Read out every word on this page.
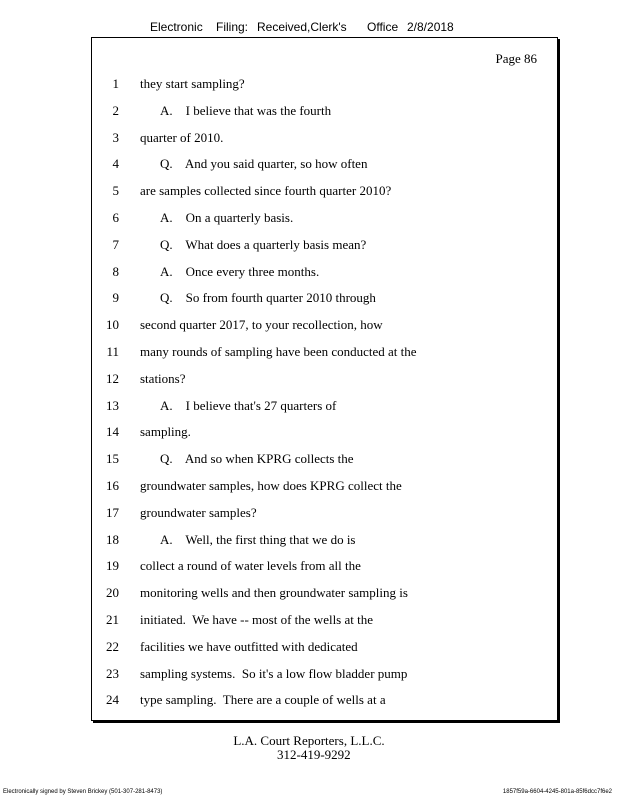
Electronic Filing: Received,Clerk's Office 2/8/2018
Page 86
1 they start sampling?
2	A.    I believe that was the fourth
3 quarter of 2010.
4	Q.    And you said quarter, so how often
5 are samples collected since fourth quarter 2010?
6	A.    On a quarterly basis.
7	Q.    What does a quarterly basis mean?
8	A.    Once every three months.
9	Q.    So from fourth quarter 2010 through
10 second quarter 2017, to your recollection, how
11 many rounds of sampling have been conducted at the
12 stations?
13	A.    I believe that's 27 quarters of
14 sampling.
15	Q.    And so when KPRG collects the
16 groundwater samples, how does KPRG collect the
17 groundwater samples?
18	A.    Well, the first thing that we do is
19 collect a round of water levels from all the
20 monitoring wells and then groundwater sampling is
21 initiated.  We have -- most of the wells at the
22 facilities we have outfitted with dedicated
23 sampling systems.  So it's a low flow bladder pump
24 type sampling.  There are a couple of wells at a
L.A. Court Reporters, L.L.C.
312-419-9292
Electronically signed by Steven Brickey (501-307-281-8473)	1857f59a-6604-4245-801a-85f6dcc7f6e2
